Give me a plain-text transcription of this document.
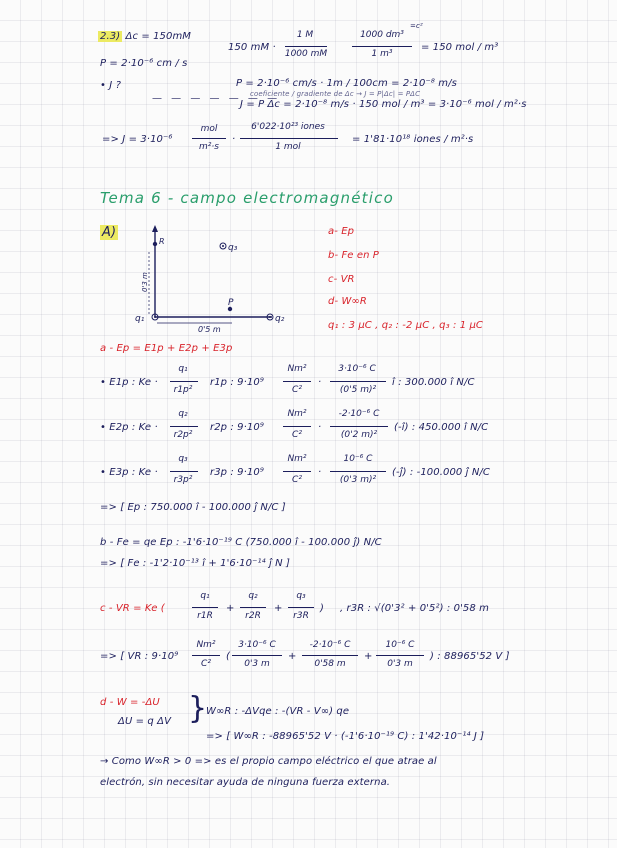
2.3) Δc = 150mM
150 mM ·
1 M
1000 mM
1000 dm³
=c²
1 m³
= 150 mol / m³
P = 2·10⁻⁶ cm / s
• J ?
— — — — — — —
P = 2·10⁻⁶ cm/s · 1m / 100cm = 2·10⁻⁸ m/s
coeficiente / gradiente de Δc → J = P|Δc| = PΔC
J = P Δc = 2·10⁻⁸ m/s · 150 mol / m³ = 3·10⁻⁶ mol / m²·s
=> J = 3·10⁻⁶
mol
m²·s
·
6'022·10²³ iones
1 mol
= 1'81·10¹⁸ iones / m²·s
Tema 6 - campo electromagnético
A)
R
P
q₃
q₁	q₂
0'5 m
0'3 m
a- Ep
b- Fe en P
c- VR
d- W∞R
q₁ : 3 μC , q₂ : -2 μC , q₃ : 1 μC
a - Ep = E1p + E2p + E3p
• E1p : Ke ·
q₁
r1p²
r1p : 9·10⁹
Nm²
C²
·
3·10⁻⁶ C
(0'5 m)²
î : 300.000 î N/C
• E2p : Ke ·
q₂
r2p²
r2p : 9·10⁹
Nm²
C²
·
-2·10⁻⁶ C
(0'2 m)²
(-î) : 450.000 î N/C
• E3p : Ke ·
q₃
r3p²
r3p : 9·10⁹
Nm²
C²
·
10⁻⁶ C
(0'3 m)²
(-ĵ) : -100.000 ĵ N/C
=> [ Ep : 750.000 î - 100.000 ĵ N/C ]
b - Fe = qe Ep : -1'6·10⁻¹⁹ C (750.000 î - 100.000 ĵ) N/C
=> [ Fe : -1'2·10⁻¹³ î + 1'6·10⁻¹⁴ ĵ N ]
c - VR = Ke (
q₁
r1R
+
q₂
r2R
+
q₃
r3R
) , r3R : √(0'3² + 0'5²) : 0'58 m
=> [ VR : 9·10⁹
Nm²
C²
(
3·10⁻⁶ C
0'3 m
+
-2·10⁻⁶ C
0'58 m
+
10⁻⁶ C
0'3 m
) : 88965'52 V ]
d - W = -ΔU
ΔU = q ΔV }
W∞R : -ΔVqe : -(VR - V∞) qe
=> [ W∞R : -88965'52 V · (-1'6·10⁻¹⁹ C) : 1'42·10⁻¹⁴ J ]
→ Como W∞R > 0 => es el propio campo eléctrico el que atrae al
electrón, sin necesitar ayuda de ninguna fuerza externa.
